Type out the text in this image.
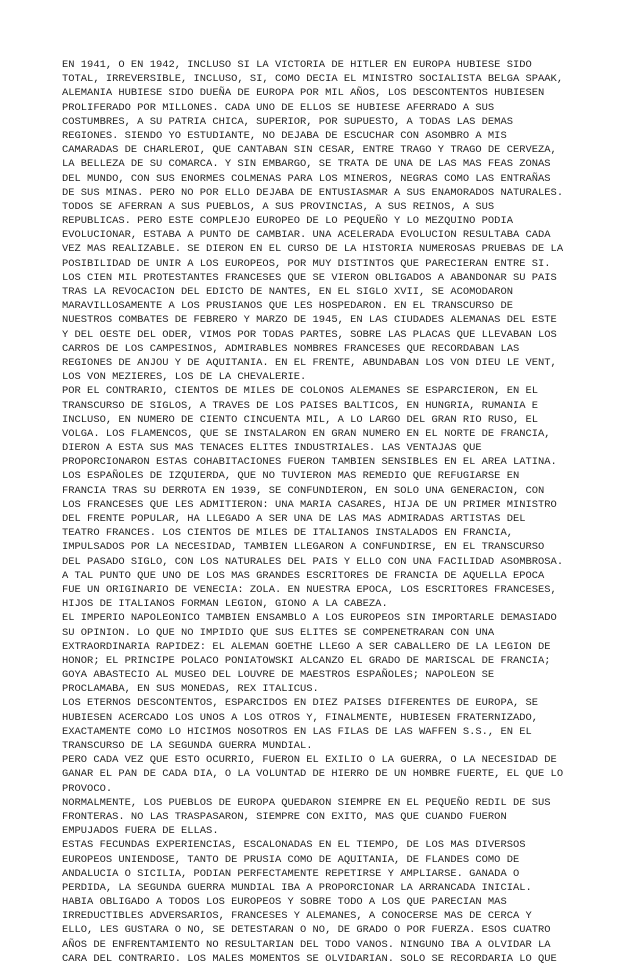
EN 1941, O EN 1942, INCLUSO SI LA VICTORIA DE HITLER EN EUROPA HUBIESE SIDO
TOTAL, IRREVERSIBLE, INCLUSO, SI, COMO DECIA EL MINISTRO SOCIALISTA BELGA SPAAK,
ALEMANIA HUBIESE SIDO DUEÑA DE EUROPA POR MIL AÑOS, LOS DESCONTENTOS HUBIESEN
PROLIFERADO POR MILLONES. CADA UNO DE ELLOS SE HUBIESE AFERRADO A SUS
COSTUMBRES, A SU PATRIA CHICA, SUPERIOR, POR SUPUESTO, A TODAS LAS DEMAS
REGIONES. SIENDO YO ESTUDIANTE, NO DEJABA DE ESCUCHAR CON ASOMBRO A MIS
CAMARADAS DE CHARLEROI, QUE CANTABAN SIN CESAR, ENTRE TRAGO Y TRAGO DE CERVEZA,
LA BELLEZA DE SU COMARCA. Y SIN EMBARGO, SE TRATA DE UNA DE LAS MAS FEAS ZONAS
DEL MUNDO, CON SUS ENORMES COLMENAS PARA LOS MINEROS, NEGRAS COMO LAS ENTRAÑAS
DE SUS MINAS. PERO NO POR ELLO DEJABA DE ENTUSIASMAR A SUS ENAMORADOS NATURALES.
TODOS SE AFERRAN A SUS PUEBLOS, A SUS PROVINCIAS, A SUS REINOS, A SUS
REPUBLICAS. PERO ESTE COMPLEJO EUROPEO DE LO PEQUEÑO Y LO MEZQUINO PODIA
EVOLUCIONAR, ESTABA A PUNTO DE CAMBIAR. UNA ACELERADA EVOLUCION RESULTABA CADA
VEZ MAS REALIZABLE. SE DIERON EN EL CURSO DE LA HISTORIA NUMEROSAS PRUEBAS DE LA
POSIBILIDAD DE UNIR A LOS EUROPEOS, POR MUY DISTINTOS QUE PARECIERAN ENTRE SI.
LOS CIEN MIL PROTESTANTES FRANCESES QUE SE VIERON OBLIGADOS A ABANDONAR SU PAIS
TRAS LA REVOCACION DEL EDICTO DE NANTES, EN EL SIGLO XVII, SE ACOMODARON
MARAVILLOSAMENTE A LOS PRUSIANOS QUE LES HOSPEDARON. EN EL TRANSCURSO DE
NUESTROS COMBATES DE FEBRERO Y MARZO DE 1945, EN LAS CIUDADES ALEMANAS DEL ESTE
Y DEL OESTE DEL ODER, VIMOS POR TODAS PARTES, SOBRE LAS PLACAS QUE LLEVABAN LOS
CARROS DE LOS CAMPESINOS, ADMIRABLES NOMBRES FRANCESES QUE RECORDABAN LAS
REGIONES DE ANJOU Y DE AQUITANIA. EN EL FRENTE, ABUNDABAN LOS VON DIEU LE VENT,
LOS VON MEZIERES, LOS DE LA CHEVALERIE.
POR EL CONTRARIO, CIENTOS DE MILES DE COLONOS ALEMANES SE ESPARCIERON, EN EL
TRANSCURSO DE SIGLOS, A TRAVES DE LOS PAISES BALTICOS, EN HUNGRIA, RUMANIA E
INCLUSO, EN NUMERO DE CIENTO CINCUENTA MIL, A LO LARGO DEL GRAN RIO RUSO, EL
VOLGA. LOS FLAMENCOS, QUE SE INSTALARON EN GRAN NUMERO EN EL NORTE DE FRANCIA,
DIERON A ESTA SUS MAS TENACES ELITES INDUSTRIALES. LAS VENTAJAS QUE
PROPORCIONARON ESTAS COHABITACIONES FUERON TAMBIEN SENSIBLES EN EL AREA LATINA.
LOS ESPAÑOLES DE IZQUIERDA, QUE NO TUVIERON MAS REMEDIO QUE REFUGIARSE EN
FRANCIA TRAS SU DERROTA EN 1939, SE CONFUNDIERON, EN SOLO UNA GENERACION, CON
LOS FRANCESES QUE LES ADMITIERON: UNA MARIA CASARES, HIJA DE UN PRIMER MINISTRO
DEL FRENTE POPULAR, HA LLEGADO A SER UNA DE LAS MAS ADMIRADAS ARTISTAS DEL
TEATRO FRANCES. LOS CIENTOS DE MILES DE ITALIANOS INSTALADOS EN FRANCIA,
IMPULSADOS POR LA NECESIDAD, TAMBIEN LLEGARON A CONFUNDIRSE, EN EL TRANSCURSO
DEL PASADO SIGLO, CON LOS NATURALES DEL PAIS Y ELLO CON UNA FACILIDAD ASOMBROSA.
A TAL PUNTO QUE UNO DE LOS MAS GRANDES ESCRITORES DE FRANCIA DE AQUELLA EPOCA
FUE UN ORIGINARIO DE VENECIA: ZOLA. EN NUESTRA EPOCA, LOS ESCRITORES FRANCESES,
HIJOS DE ITALIANOS FORMAN LEGION, GIONO A LA CABEZA.
EL IMPERIO NAPOLEONICO TAMBIEN ENSAMBLO A LOS EUROPEOS SIN IMPORTARLE DEMASIADO
SU OPINION. LO QUE NO IMPIDIO QUE SUS ELITES SE COMPENETRARAN CON UNA
EXTRAORDINARIA RAPIDEZ: EL ALEMAN GOETHE LLEGO A SER CABALLERO DE LA LEGION DE
HONOR; EL PRINCIPE POLACO PONIATOWSKI ALCANZO EL GRADO DE MARISCAL DE FRANCIA;
GOYA ABASTECIO AL MUSEO DEL LOUVRE DE MAESTROS ESPAÑOLES; NAPOLEON SE
PROCLAMABA, EN SUS MONEDAS, REX ITALICUS.
LOS ETERNOS DESCONTENTOS, ESPARCIDOS EN DIEZ PAISES DIFERENTES DE EUROPA, SE
HUBIESEN ACERCADO LOS UNOS A LOS OTROS Y, FINALMENTE, HUBIESEN FRATERNIZADO,
EXACTAMENTE COMO LO HICIMOS NOSOTROS EN LAS FILAS DE LAS WAFFEN S.S., EN EL
TRANSCURSO DE LA SEGUNDA GUERRA MUNDIAL.
PERO CADA VEZ QUE ESTO OCURRIO, FUERON EL EXILIO O LA GUERRA, O LA NECESIDAD DE
GANAR EL PAN DE CADA DIA, O LA VOLUNTAD DE HIERRO DE UN HOMBRE FUERTE, EL QUE LO
PROVOCO.
NORMALMENTE, LOS PUEBLOS DE EUROPA QUEDARON SIEMPRE EN EL PEQUEÑO REDIL DE SUS
FRONTERAS. NO LAS TRASPASARON, SIEMPRE CON EXITO, MAS QUE CUANDO FUERON
EMPUJADOS FUERA DE ELLAS.
ESTAS FECUNDAS EXPERIENCIAS, ESCALONADAS EN EL TIEMPO, DE LOS MAS DIVERSOS
EUROPEOS UNIENDOSE, TANTO DE PRUSIA COMO DE AQUITANIA, DE FLANDES COMO DE
ANDALUCIA O SICILIA, PODIAN PERFECTAMENTE REPETIRSE Y AMPLIARSE. GANADA O
PERDIDA, LA SEGUNDA GUERRA MUNDIAL IBA A PROPORCIONAR LA ARRANCADA INICIAL.
HABIA OBLIGADO A TODOS LOS EUROPEOS Y SOBRE TODO A LOS QUE PARECIAN MAS
IRREDUCTIBLES ADVERSARIOS, FRANCESES Y ALEMANES, A CONOCERSE MAS DE CERCA Y
ELLO, LES GUSTARA O NO, SE DETESTARAN O NO, DE GRADO O POR FUERZA. ESOS CUATRO
AÑOS DE ENFRENTAMIENTO NO RESULTARIAN DEL TODO VANOS. NINGUNO IBA A OLVIDAR LA
CARA DEL CONTRARIO. LOS MALES MOMENTOS SE OLVIDARIAN. SOLO SE RECORDARIA LO QUE
